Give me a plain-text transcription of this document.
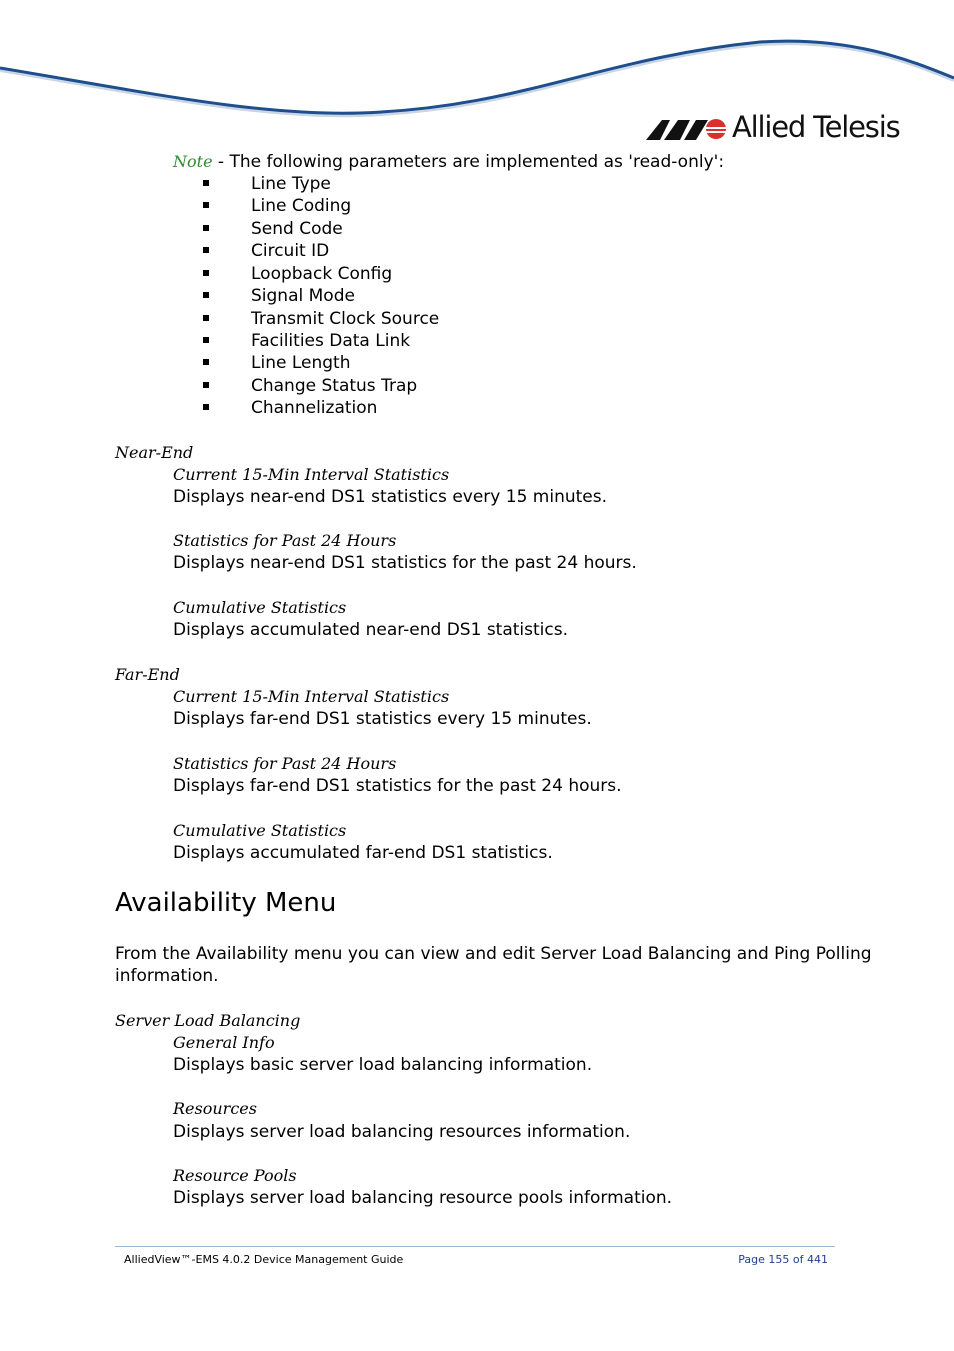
Allied Telesis
Note - The following parameters are implemented as 'read-only':
Line Type
Line Coding
Send Code
Circuit ID
Loopback Config
Signal Mode
Transmit Clock Source
Facilities Data Link
Line Length
Change Status Trap
Channelization
Near-End
Current 15-Min Interval Statistics
Displays near-end DS1 statistics every 15 minutes.
Statistics for Past 24 Hours
Displays near-end DS1 statistics for the past 24 hours.
Cumulative Statistics
Displays accumulated near-end DS1 statistics.
Far-End
Current 15-Min Interval Statistics
Displays far-end DS1 statistics every 15 minutes.
Statistics for Past 24 Hours
Displays far-end DS1 statistics for the past 24 hours.
Cumulative Statistics
Displays accumulated far-end DS1 statistics.
Availability Menu
From the Availability menu you can view and edit Server Load Balancing and Ping Polling
information.
Server Load Balancing
General Info
Displays basic server load balancing information.
Resources
Displays server load balancing resources information.
Resource Pools
Displays server load balancing resource pools information.
AlliedView™-EMS 4.0.2 Device Management Guide	Page 155 of 441
